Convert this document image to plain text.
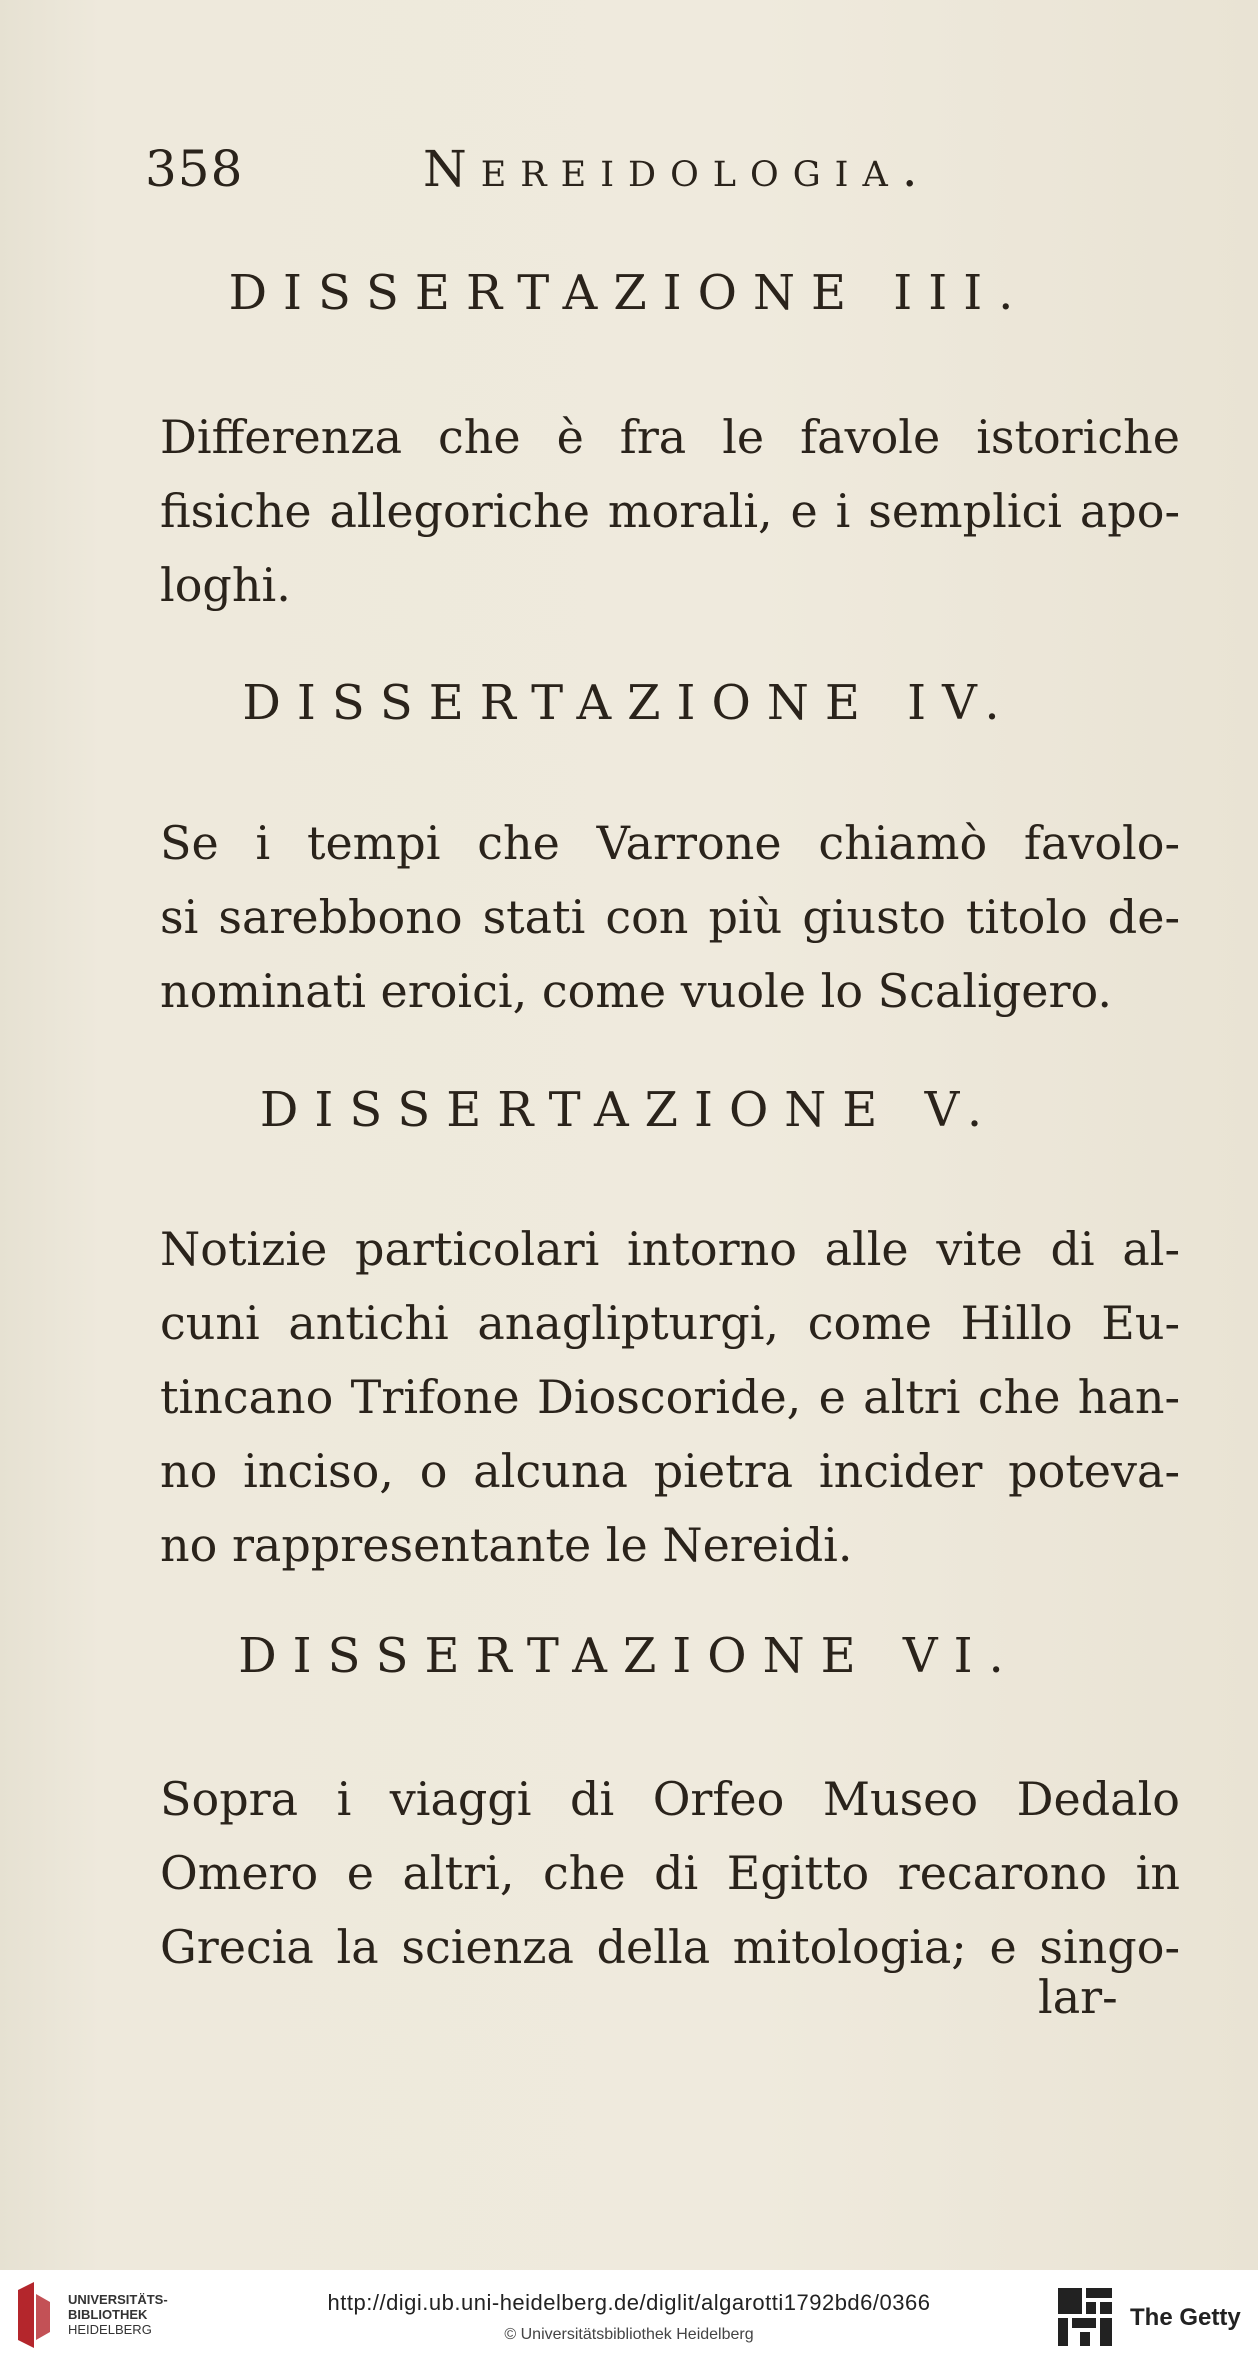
358	Nereidologia.
DISSERTAZIONE III.
Differenza che è fra le favole istoriche
fisiche allegoriche morali, e i semplici apo-
loghi.
DISSERTAZIONE IV.
Se i tempi che Varrone chiamò favolo-
si sarebbono stati con più giusto titolo de-
nominati eroici, come vuole lo Scaligero.
DISSERTAZIONE V.
Notizie particolari intorno alle vite di al-
cuni antichi anaglipturgi, come Hillo Eu-
tincano Trifone Dioscoride, e altri che han-
no inciso, o alcuna pietra incider poteva-
no rappresentante le Nereidi.
DISSERTAZIONE VI.
Sopra i viaggi di Orfeo Museo Dedalo
Omero e altri, che di Egitto recarono in
Grecia la scienza della mitologia; e singo-
lar-
UNIVERSITÄTS-
BIBLIOTHEK
HEIDELBERG
http://digi.ub.uni-heidelberg.de/diglit/algarotti1792bd6/0366
© Universitätsbibliothek Heidelberg
The Getty
